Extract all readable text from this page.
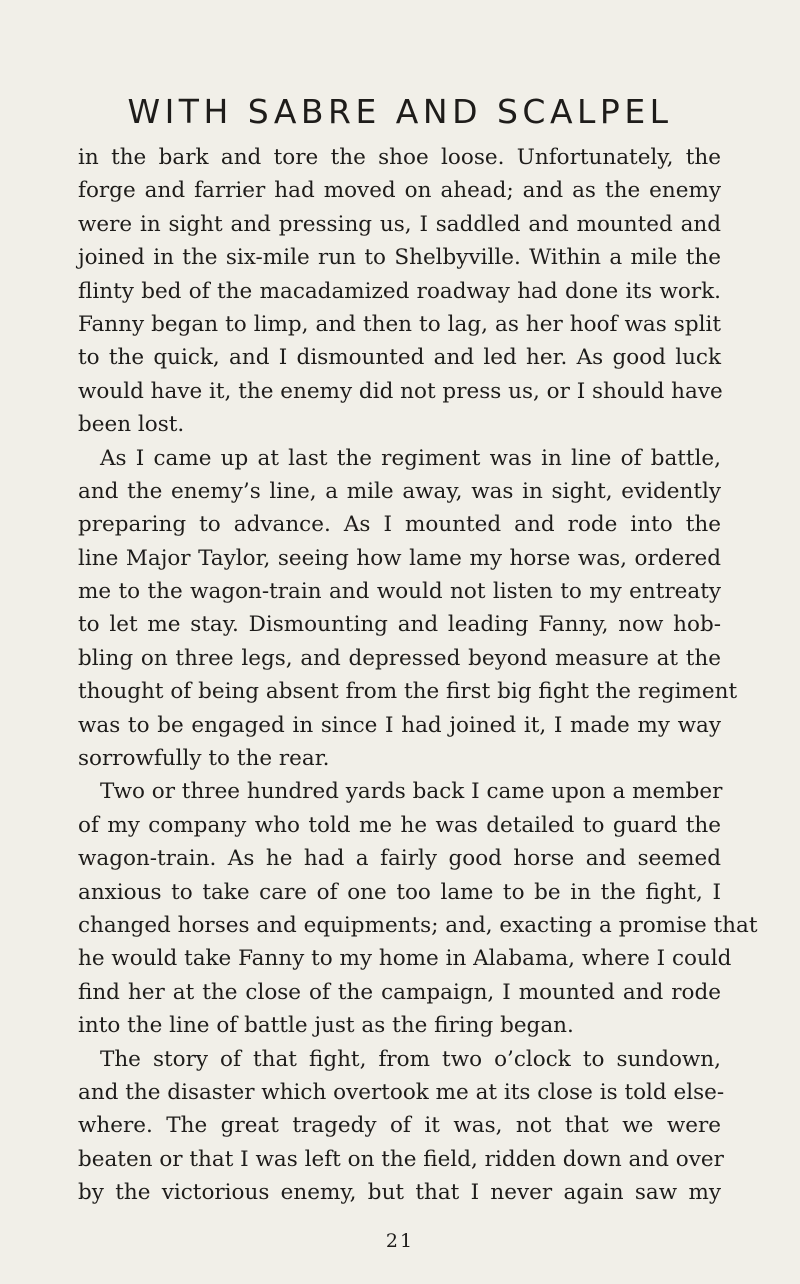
WITH SABRE AND SCALPEL
in the bark and tore the shoe loose. Unfortunately, the
forge and farrier had moved on ahead; and as the enemy
were in sight and pressing us, I saddled and mounted and
joined in the six-mile run to Shelbyville. Within a mile the
flinty bed of the macadamized roadway had done its work.
Fanny began to limp, and then to lag, as her hoof was split
to the quick, and I dismounted and led her. As good luck
would have it, the enemy did not press us, or I should have
been lost.
As I came up at last the regiment was in line of battle,
and the enemy’s line, a mile away, was in sight, evidently
preparing to advance. As I mounted and rode into the
line Major Taylor, seeing how lame my horse was, ordered
me to the wagon-train and would not listen to my entreaty
to let me stay. Dismounting and leading Fanny, now hob-
bling on three legs, and depressed beyond measure at the
thought of being absent from the first big fight the regiment
was to be engaged in since I had joined it, I made my way
sorrowfully to the rear.
Two or three hundred yards back I came upon a member
of my company who told me he was detailed to guard the
wagon-train. As he had a fairly good horse and seemed
anxious to take care of one too lame to be in the fight, I
changed horses and equipments; and, exacting a promise that
he would take Fanny to my home in Alabama, where I could
find her at the close of the campaign, I mounted and rode
into the line of battle just as the firing began.
The story of that fight, from two o’clock to sundown,
and the disaster which overtook me at its close is told else-
where. The great tragedy of it was, not that we were
beaten or that I was left on the field, ridden down and over
by the victorious enemy, but that I never again saw my
21
